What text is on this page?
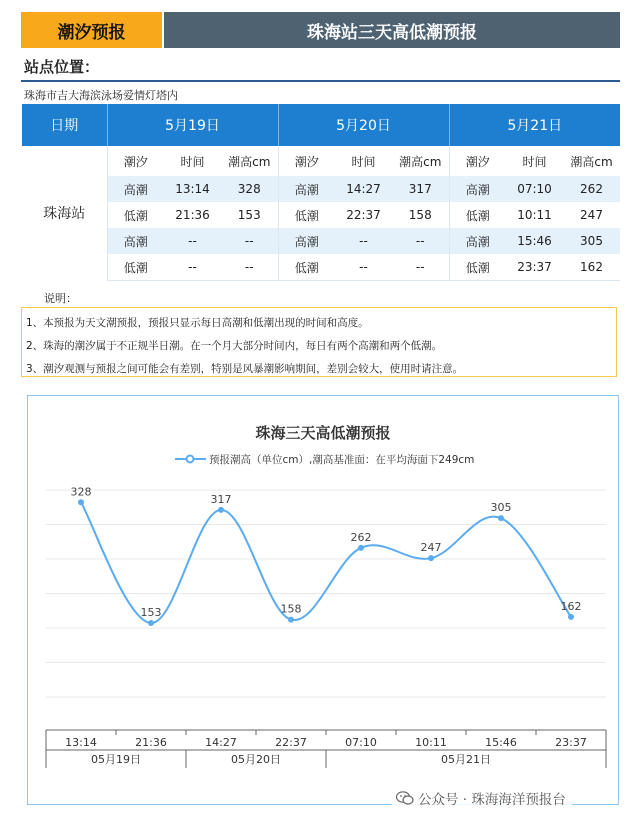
潮汐预报	珠海站三天高低潮预报
站点位置：
珠海市吉大海滨泳场爱情灯塔内
日期	5月19日			5月20日			5月21日		
珠海站	潮汐	时间	潮高cm	潮汐	时间	潮高cm	潮汐	时间	潮高cm
	高潮	13:14	328	高潮	14:27	317	高潮	07:10	262
	低潮	21:36	153	低潮	22:37	158	低潮	10:11	247
	高潮	--	--	高潮	--	--	高潮	15:46	305
	低潮	--	--	低潮	--	--	低潮	23:37	162
说明：
1、本预报为天文潮预报，预报只显示每日高潮和低潮出现的时间和高度。
2、珠海的潮汐属于不正规半日潮。在一个月大部分时间内，每日有两个高潮和两个低潮。
3、潮汐观测与预报之间可能会有差别，特别是风暴潮影响期间，差别会较大，使用时请注意。
珠海三天高低潮预报
预报潮高（单位cm）,潮高基准面：在平均海面下249cm
328
153
317
158
262
247
305
162
13:14	21:36	14:27	22:37	07:10	10:11	15:46	23:37
05月19日	05月20日	05月21日
公众号 · 珠海海洋预报台
